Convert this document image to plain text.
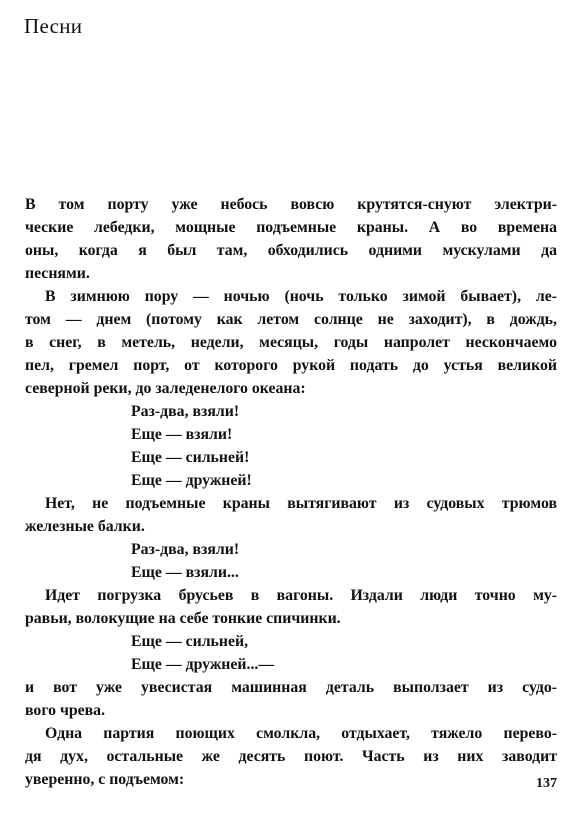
Песни
В том порту уже небось вовсю крутятся-снуют электри-
ческие лебедки, мощные подъемные краны. А во времена
оны, когда я был там, обходились одними мускулами да
песнями.
В зимнюю пору — ночью (ночь только зимой бывает), ле-
том — днем (потому как летом солнце не заходит), в дождь,
в снег, в метель, недели, месяцы, годы напролет нескончаемо
пел, гремел порт, от которого рукой подать до устья великой
северной реки, до заледенелого океана:
Раз-два, взяли!
Еще — взяли!
Еще — сильней!
Еще — дружней!
Нет, не подъемные краны вытягивают из судовых трюмов
железные балки.
Раз-два, взяли!
Еще — взяли...
Идет погрузка брусьев в вагоны. Издали люди точно му-
равьи, волокущие на себе тонкие спичинки.
Еще — сильней,
Еще — дружней...—
и вот уже увесистая машинная деталь выползает из судо-
вого чрева.
Одна партия поющих смолкла, отдыхает, тяжело перево-
дя дух, остальные же десять поют. Часть из них заводит
уверенно, с подъемом:	137
